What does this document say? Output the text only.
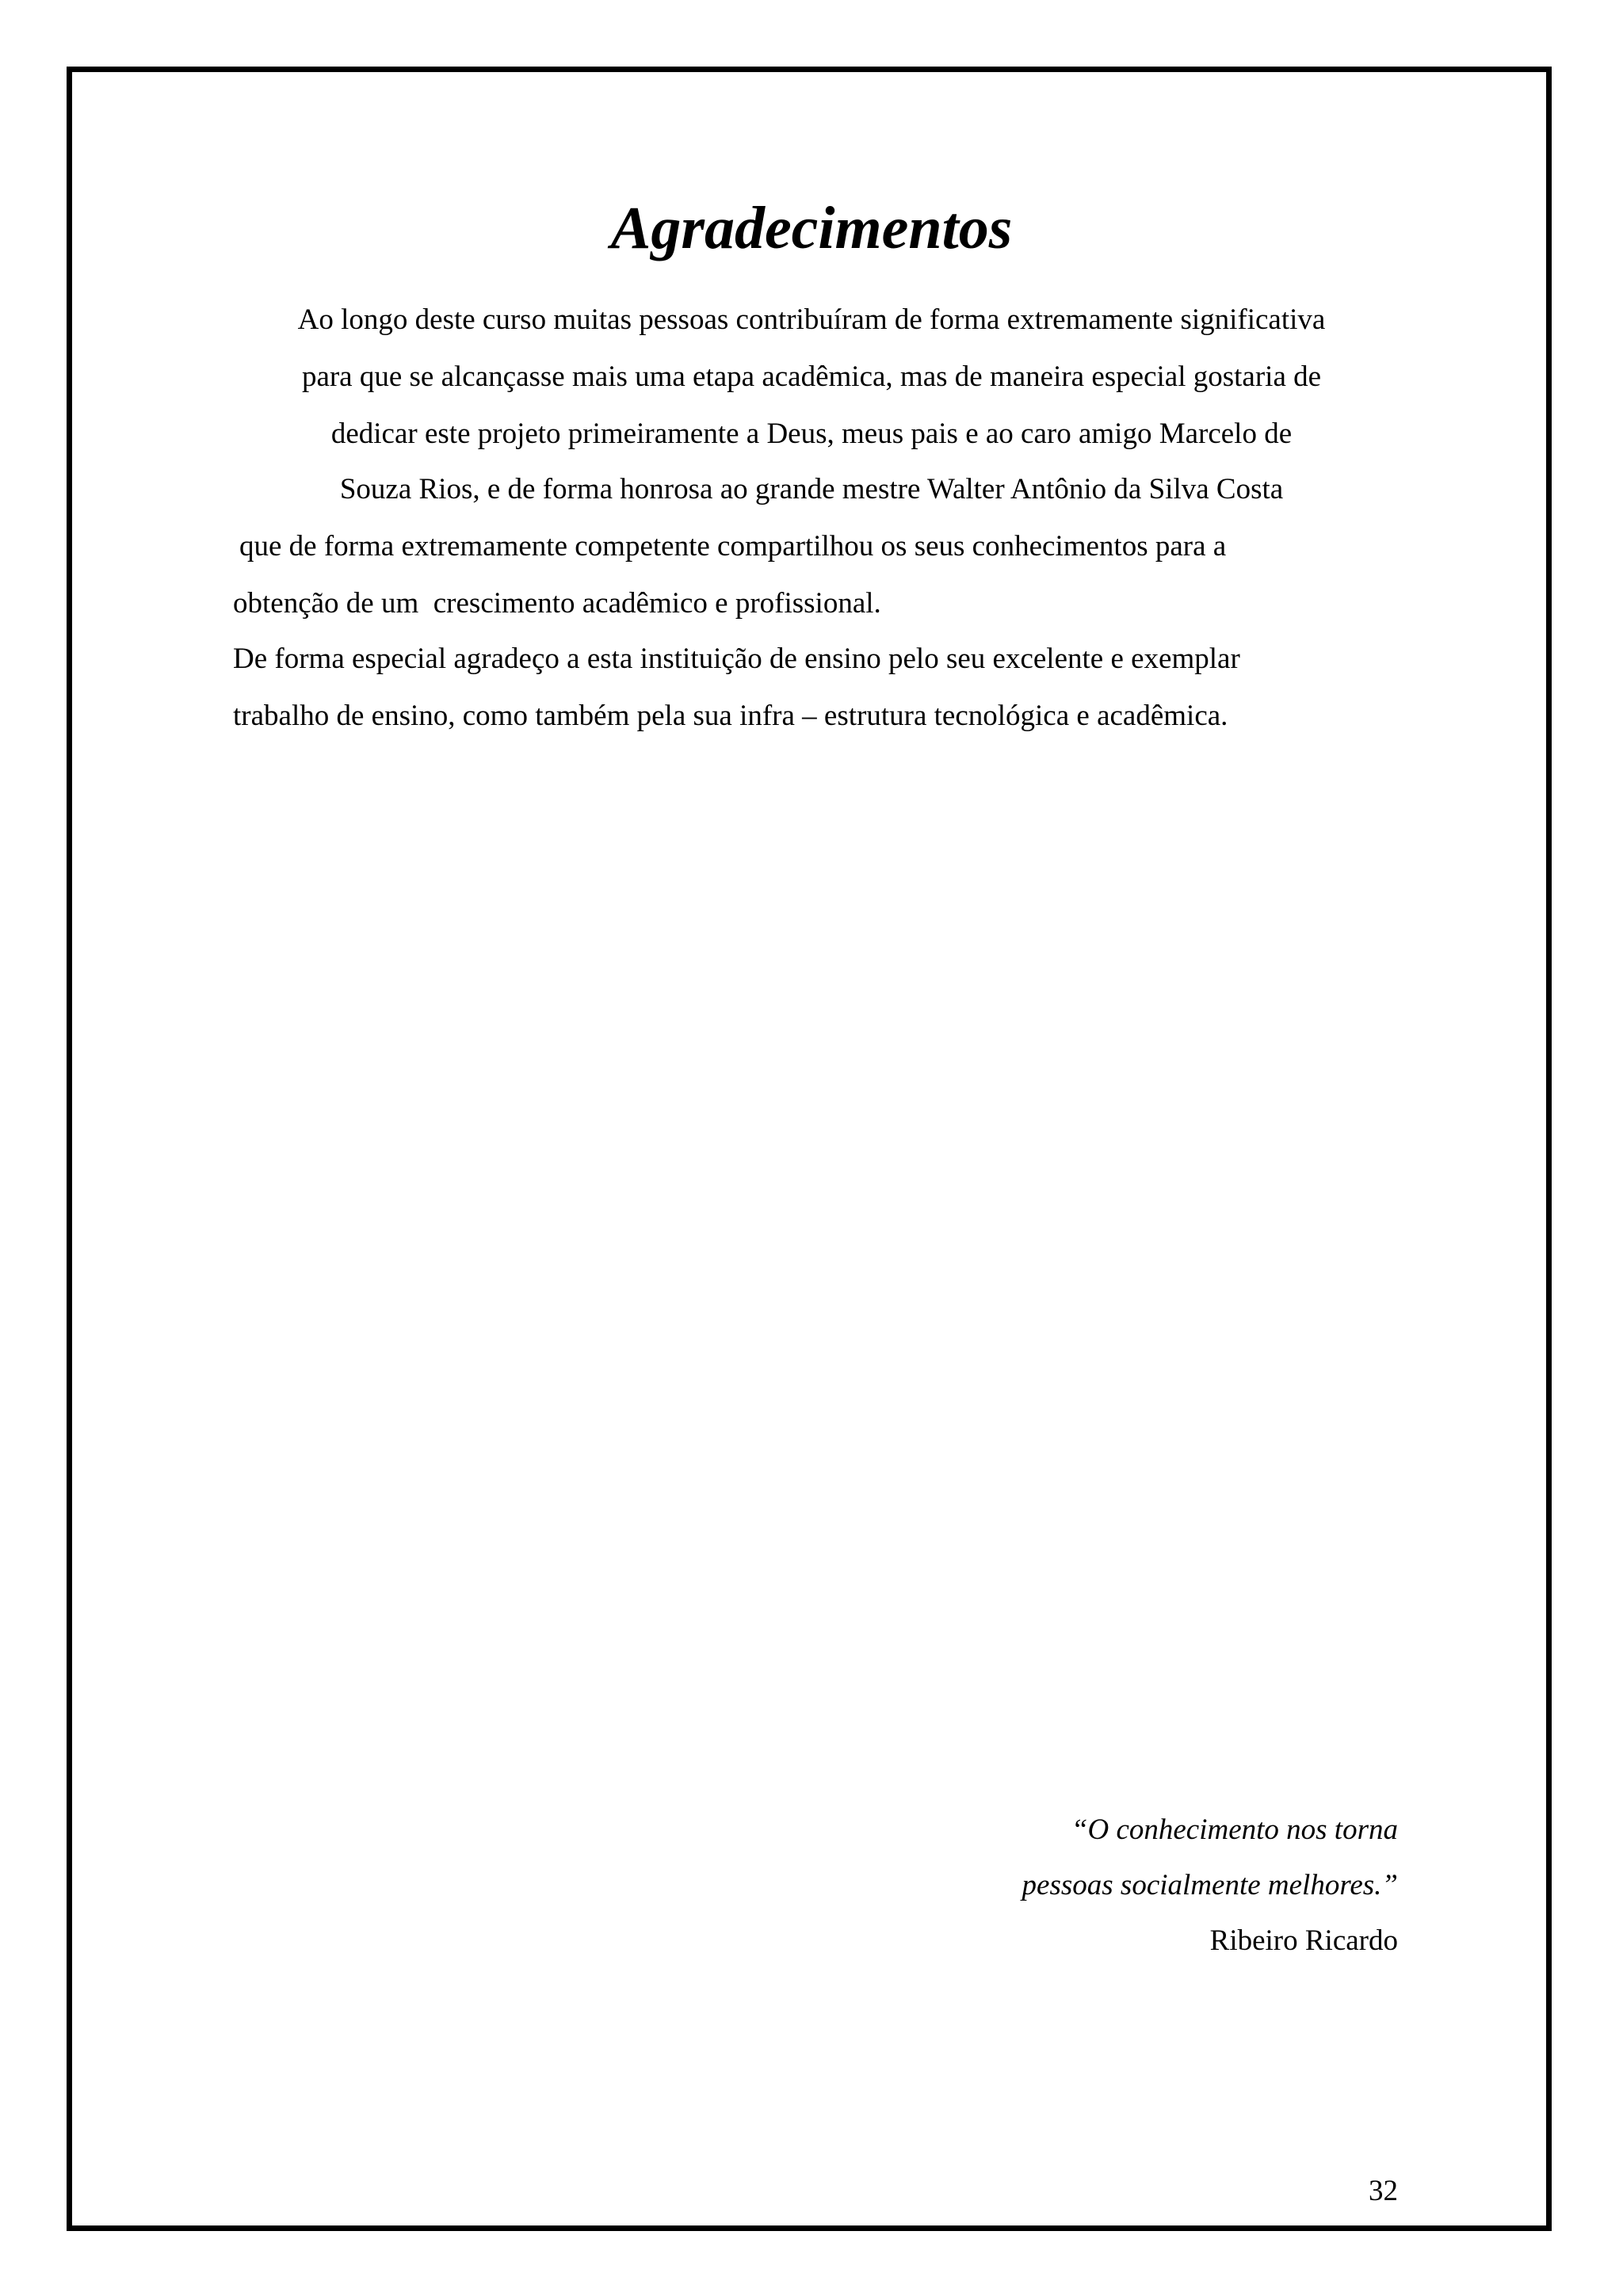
Agradecimentos
Ao longo deste curso muitas pessoas contribuíram de forma extremamente significativa
para que se alcançasse mais uma etapa acadêmica, mas de maneira especial gostaria de
dedicar este projeto primeiramente a Deus, meus pais e ao caro amigo Marcelo de
Souza Rios, e de forma honrosa ao grande mestre Walter Antônio da Silva Costa
que de forma extremamente competente compartilhou os seus conhecimentos para a
obtenção de um  crescimento acadêmico e profissional.
De forma especial agradeço a esta instituição de ensino pelo seu excelente e exemplar
trabalho de ensino, como também pela sua infra – estrutura tecnológica e acadêmica.
“O conhecimento nos torna
pessoas socialmente melhores.”
Ribeiro Ricardo
32
